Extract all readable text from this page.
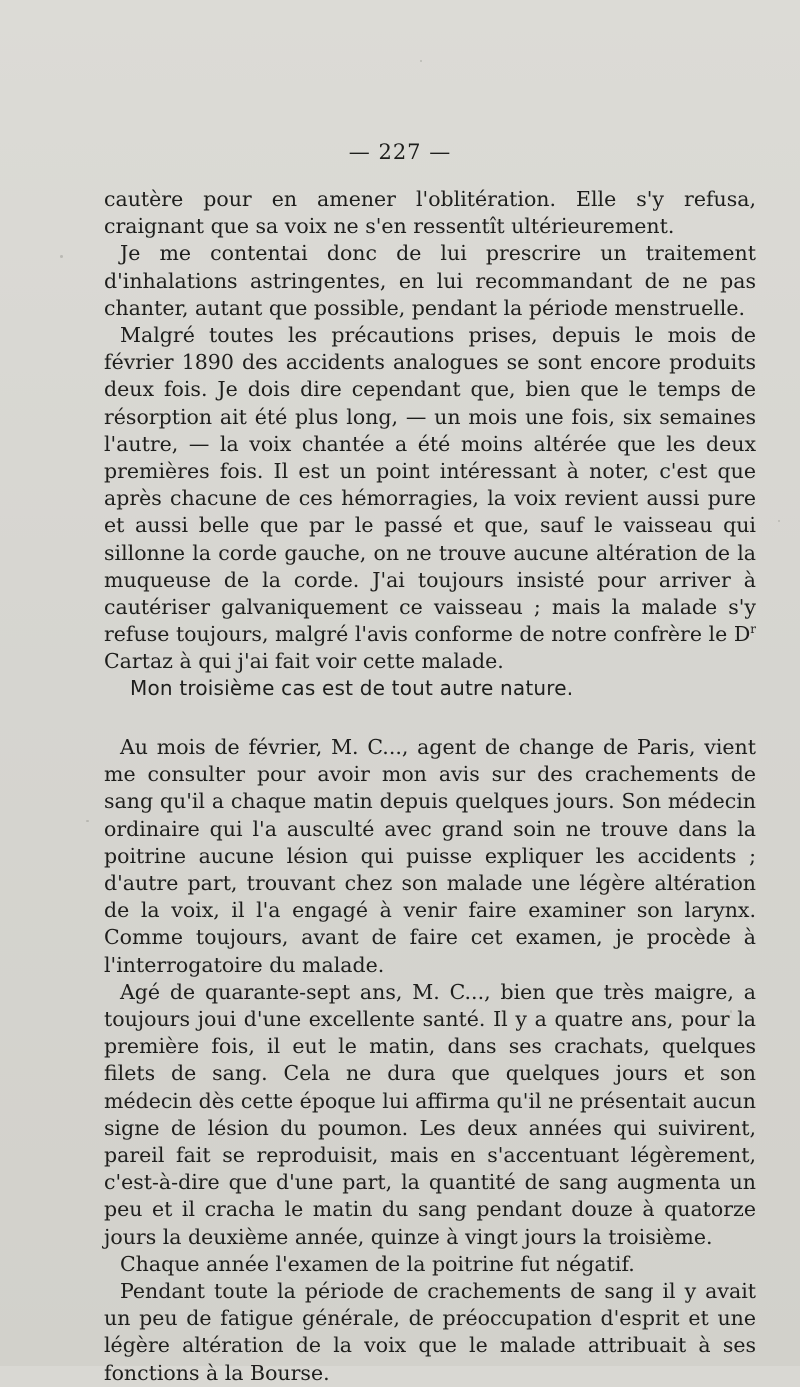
— 227 —

cautère pour en amener l'oblitération. Elle s'y refusa, craignant que sa voix ne s'en ressentît ultérieurement.

Je me contentai donc de lui prescrire un traitement d'inhalations astringentes, en lui recommandant de ne pas chanter, autant que possible, pendant la période menstruelle.

Malgré toutes les précautions prises, depuis le mois de février 1890 des accidents analogues se sont encore produits deux fois. Je dois dire cependant que, bien que le temps de résorption ait été plus long, — un mois une fois, six semaines l'autre, — la voix chantée a été moins altérée que les deux premières fois. Il est un point intéressant à noter, c'est que après chacune de ces hémorragies, la voix revient aussi pure et aussi belle que par le passé et que, sauf le vaisseau qui sillonne la corde gauche, on ne trouve aucune altération de la muqueuse de la corde. J'ai toujours insisté pour arriver à cautériser galvaniquement ce vaisseau ; mais la malade s'y refuse toujours, malgré l'avis conforme de notre confrère le $D^r$ Cartaz à qui j'ai fait voir cette malade.

Mon troisième cas est de tout autre nature.

Au mois de février, M. C..., agent de change de Paris, vient me consulter pour avoir mon avis sur des crachements de sang qu'il a chaque matin depuis quelques jours. Son médecin ordinaire qui l'a ausculté avec grand soin ne trouve dans la poitrine aucune lésion qui puisse expliquer les accidents ; d'autre part, trouvant chez son malade une légère altération de la voix, il l'a engagé à venir faire examiner son larynx. Comme toujours, avant de faire cet examen, je procède à l'interrogatoire du malade.

Agé de quarante-sept ans, M. C..., bien que très maigre, a toujours joui d'une excellente santé. Il y a quatre ans, pour la première fois, il eut le matin, dans ses crachats, quelques filets de sang. Cela ne dura que quelques jours et son médecin dès cette époque lui affirma qu'il ne présentait aucun signe de lésion du poumon. Les deux années qui suivirent, pareil fait se reproduisit, mais en s'accentuant légèrement, c'est-à-dire que d'une part, la quantité de sang augmenta un peu et il cracha le matin du sang pendant douze à quatorze jours la deuxième année, quinze à vingt jours la troisième.

Chaque année l'examen de la poitrine fut négatif.

Pendant toute la période de crachements de sang il y avait un peu de fatigue générale, de préoccupation d'esprit et une légère altération de la voix que le malade attribuait à ses fonctions à la Bourse.
